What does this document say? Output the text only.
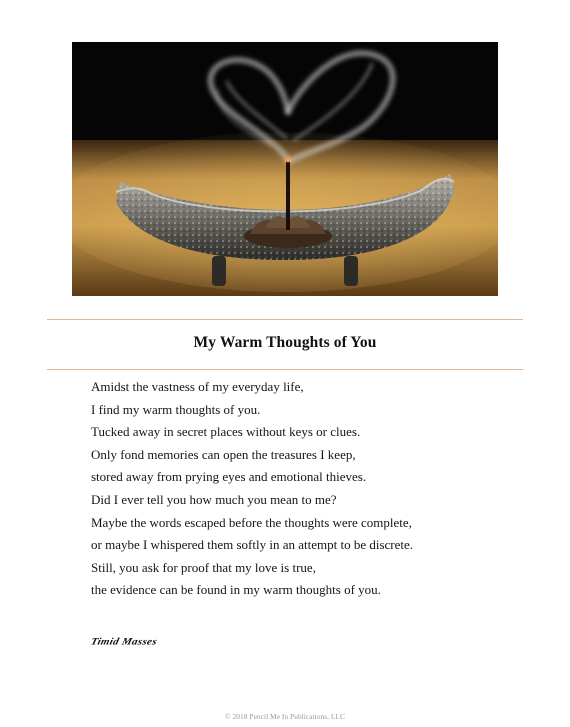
My Warm Thoughts of You
Amidst the vastness of my everyday life,
I find my warm thoughts of you.
Tucked away in secret places without keys or clues.
Only fond memories can open the treasures I keep,
stored away from prying eyes and emotional thieves.
Did I ever tell you how much you mean to me?
Maybe the words escaped before the thoughts were complete,
or maybe I whispered them softly in an attempt to be discrete.
Still, you ask for proof that my love is true,
the evidence can be found in my warm thoughts of you.
Timid Masses
© 2018 Pencil Me In Publications, LLC
